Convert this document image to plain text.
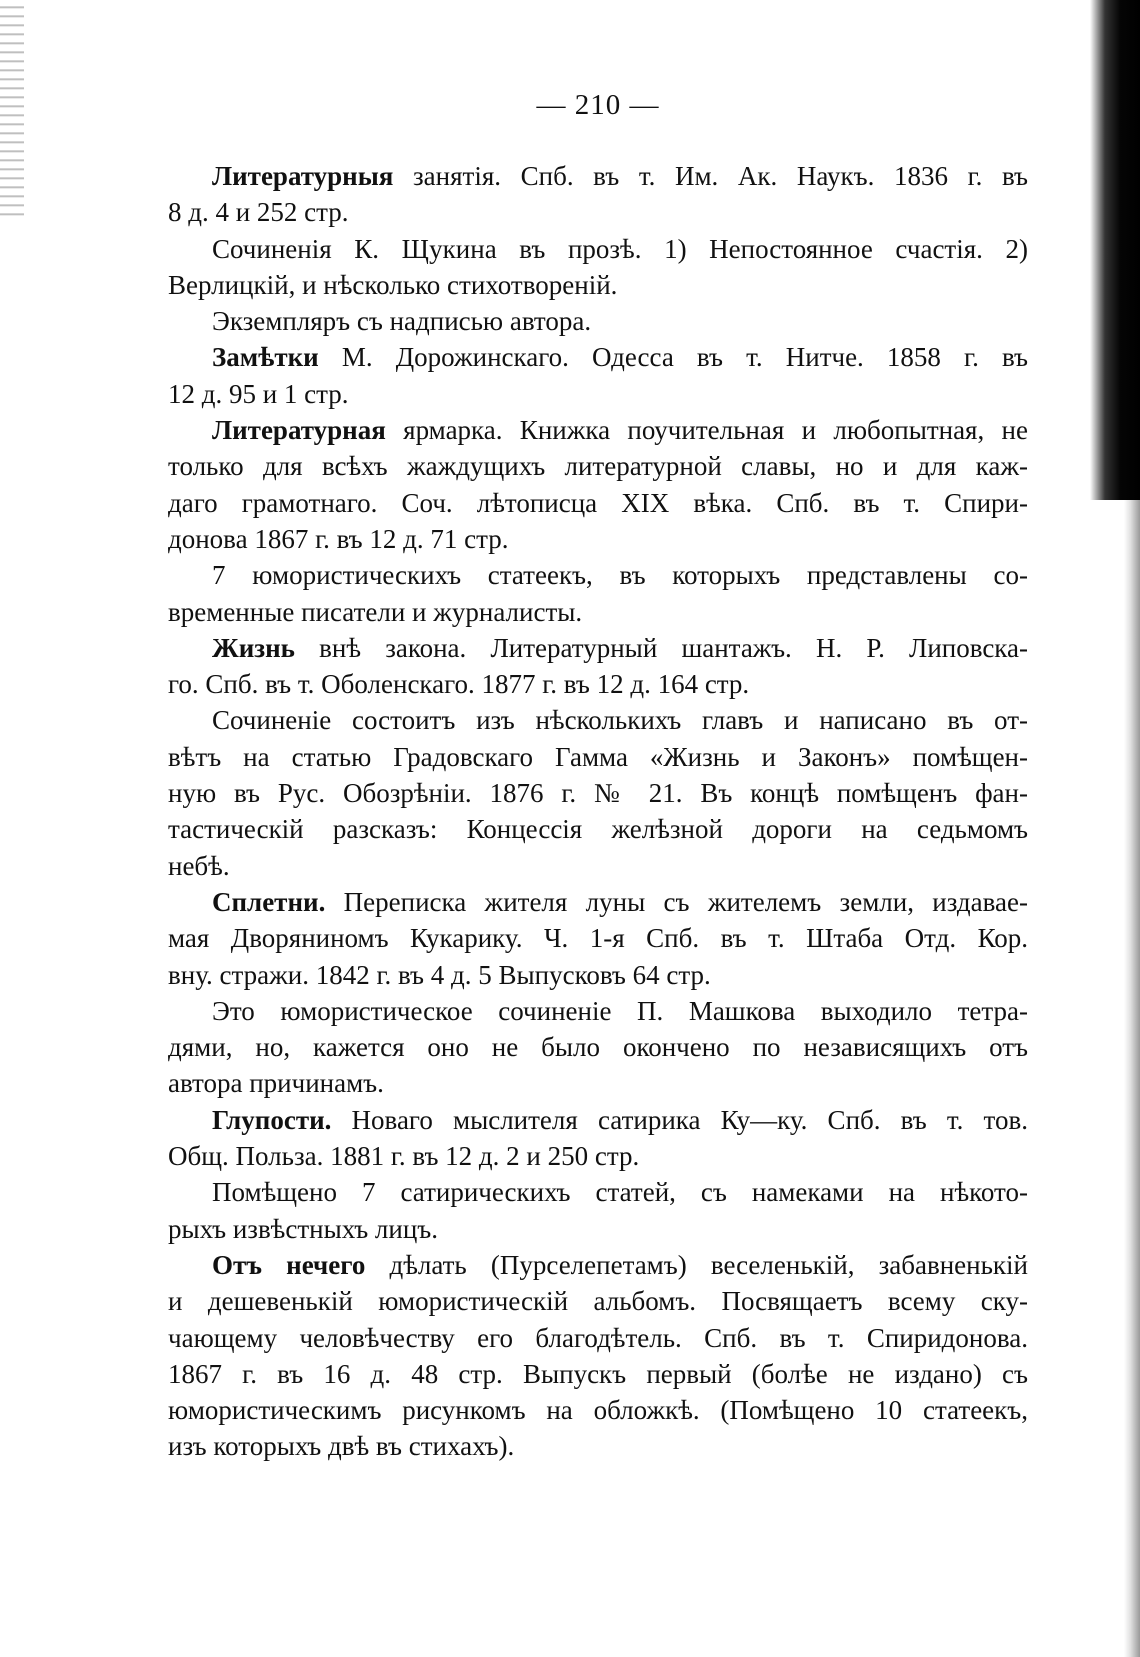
— 210 —
Литературныя занятія. Спб. въ т. Им. Ак. Наукъ. 1836 г. въ
8 д. 4 и 252 стр.
Сочиненія К. Щукина въ прозѣ. 1) Непостоянное счастія. 2)
Верлицкій, и нѣсколько стихотвореній.
Экземпляръ съ надписью автора.
Замѣтки М. Дорожинскаго. Одесса въ т. Нитче. 1858 г. въ
12 д. 95 и 1 стр.
Литературная ярмарка. Книжка поучительная и любопытная, не
только для всѣхъ жаждущихъ литературной славы, но и для каж-
даго грамотнаго. Соч. лѣтописца XIX вѣка. Спб. въ т. Спири-
донова 1867 г. въ 12 д. 71 стр.
7 юмористическихъ статеекъ, въ которыхъ представлены со-
временные писатели и журналисты.
Жизнь внѣ закона. Литературный шантажъ. Н. Р. Липовска-
го. Спб. въ т. Оболенскаго. 1877 г. въ 12 д. 164 стр.
Сочиненіе состоитъ изъ нѣсколькихъ главъ и написано въ от-
вѣтъ на статью Градовскаго Гамма «Жизнь и Законъ» помѣщен-
ную въ Рус. Обозрѣніи. 1876 г. № 21. Въ концѣ помѣщенъ фан-
тастическій разсказъ: Концессія желѣзной дороги на седьмомъ
небѣ.
Сплетни. Переписка жителя луны съ жителемъ земли, издавае-
мая Дворяниномъ Кукарику. Ч. 1-я Спб. въ т. Штаба Отд. Кор.
вну. стражи. 1842 г. въ 4 д. 5 Выпусковъ 64 стр.
Это юмористическое сочиненіе П. Машкова выходило тетра-
дями, но, кажется оно не было окончено по независящихъ отъ
автора причинамъ.
Глупости. Новаго мыслителя сатирика Ку—ку. Спб. въ т. тов.
Общ. Польза. 1881 г. въ 12 д. 2 и 250 стр.
Помѣщено 7 сатирическихъ статей, съ намеками на нѣкото-
рыхъ извѣстныхъ лицъ.
Отъ нечего дѣлать (Пурселепетамъ) веселенькій, забавненькій
и дешевенькій юмористическій альбомъ. Посвящаетъ всему ску-
чающему человѣчеству его благодѣтель. Спб. въ т. Спиридонова.
1867 г. въ 16 д. 48 стр. Выпускъ первый (болѣе не издано) съ
юмористическимъ рисункомъ на обложкѣ. (Помѣщено 10 статеекъ,
изъ которыхъ двѣ въ стихахъ).
